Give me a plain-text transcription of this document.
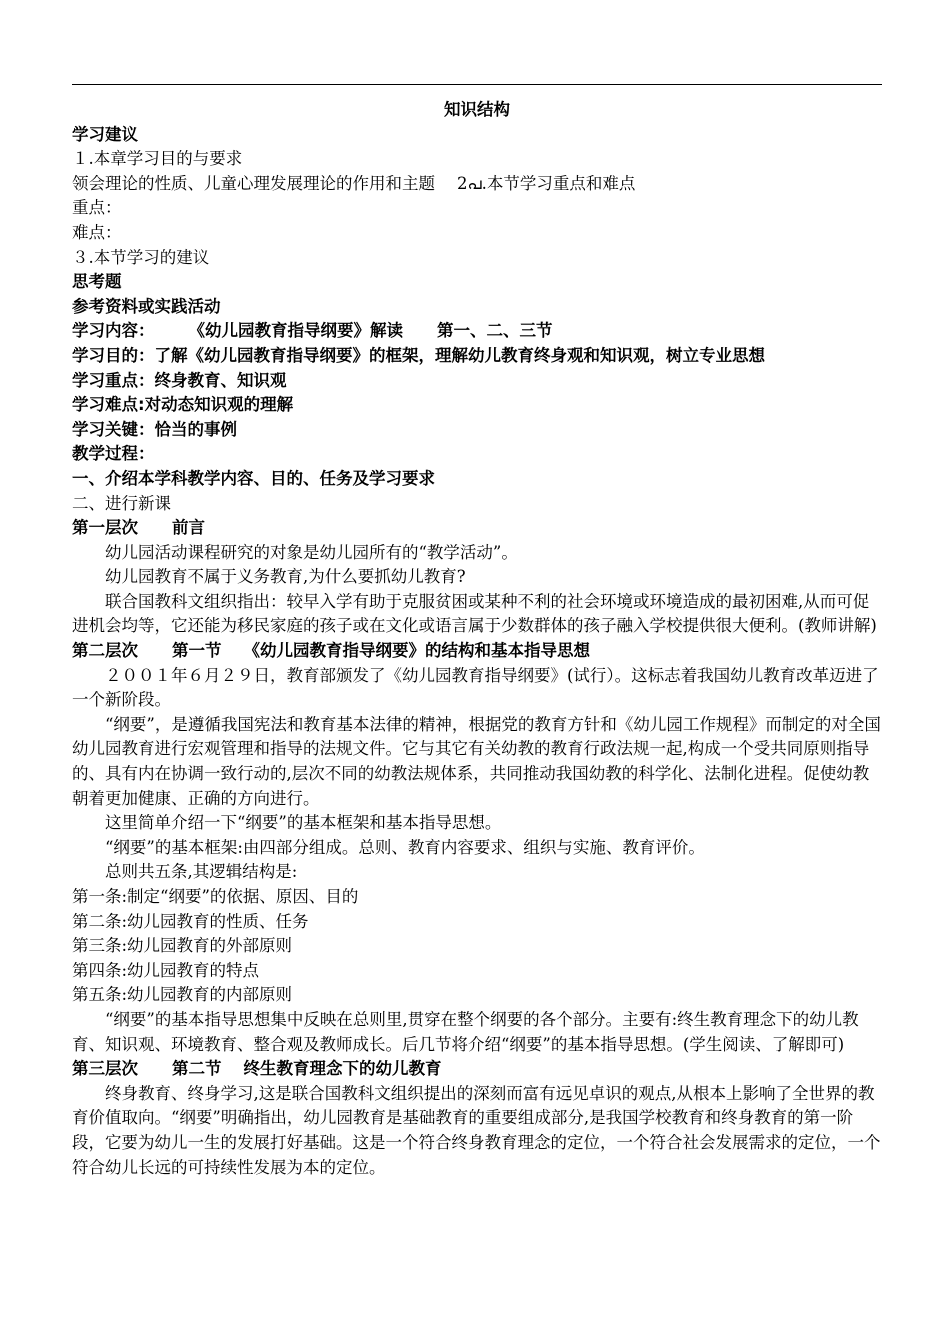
知识结构
学习建议
１.本章学习目的与要求
领会理论的性质、儿童心理发展理论的作用和主题 2പ.本节学习重点和难点
重点：
难点：
３.本节学习的建议
思考题
参考资料或实践活动
学习内容： 《幼儿园教育指导纲要》解读 第一、二、三节
学习目的：了解《幼儿园教育指导纲要》的框架，理解幼儿教育终身观和知识观，树立专业思想
学习重点：终身教育、知识观
学习难点:对动态知识观的理解
学习关键：恰当的事例
教学过程：
一、介绍本学科教学内容、目的、任务及学习要求
二、进行新课
第一层次 前言
幼儿园活动课程研究的对象是幼儿园所有的“教学活动”。
幼儿园教育不属于义务教育,为什么要抓幼儿教育?
联合国教科文组织指出：较早入学有助于克服贫困或某种不利的社会环境或环境造成的最初困难,从而可促进机会均等，它还能为移民家庭的孩子或在文化或语言属于少数群体的孩子融入学校提供很大便利。(教师讲解)
第二层次 第一节 《幼儿园教育指导纲要》的结构和基本指导思想
２００１年６月２９日，教育部颁发了《幼儿园教育指导纲要》(试行）。这标志着我国幼儿教育改革迈进了一个新阶段。
“纲要”，是遵循我国宪法和教育基本法律的精神，根据党的教育方针和《幼儿园工作规程》而制定的对全国幼儿园教育进行宏观管理和指导的法规文件。它与其它有关幼教的教育行政法规一起,构成一个受共同原则指导的、具有内在协调一致行动的,层次不同的幼教法规体系，共同推动我国幼教的科学化、法制化进程。促使幼教朝着更加健康、正确的方向进行。
这里简单介绍一下“纲要”的基本框架和基本指导思想。
“纲要”的基本框架:由四部分组成。总则、教育内容要求、组织与实施、教育评价。
总则共五条,其逻辑结构是:
第一条:制定“纲要”的依据、原因、目的
第二条:幼儿园教育的性质、任务
第三条:幼儿园教育的外部原则
第四条:幼儿园教育的特点
第五条:幼儿园教育的内部原则
“纲要”的基本指导思想集中反映在总则里,贯穿在整个纲要的各个部分。主要有:终生教育理念下的幼儿教育、知识观、环境教育、整合观及教师成长。后几节将介绍“纲要”的基本指导思想。(学生阅读、了解即可)
第三层次 第二节 终生教育理念下的幼儿教育
终身教育、终身学习,这是联合国教科文组织提出的深刻而富有远见卓识的观点,从根本上影响了全世界的教育价值取向。“纲要”明确指出，幼儿园教育是基础教育的重要组成部分,是我国学校教育和终身教育的第一阶段，它要为幼儿一生的发展打好基础。这是一个符合终身教育理念的定位，一个符合社会发展需求的定位，一个符合幼儿长远的可持续性发展为本的定位。
